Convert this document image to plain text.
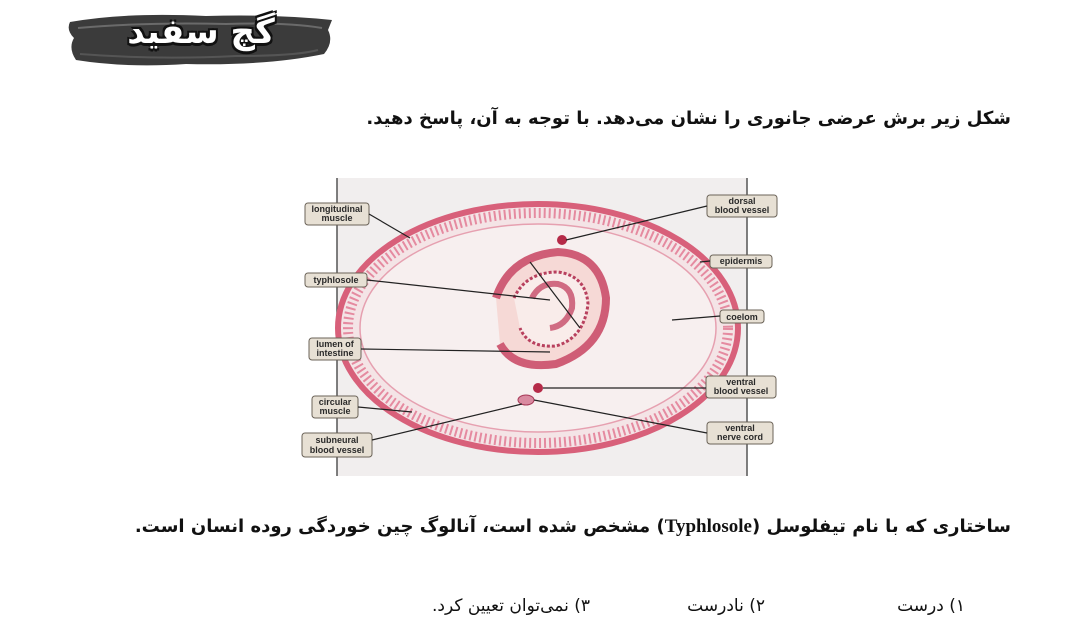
گچ سفید
شکل زیر برش عرضی جانوری را نشان می‌دهد. با توجه به آن، پاسخ دهید.
longitudinal
muscle
typhlosole
lumen of
intestine
circular
muscle
subneural
blood vessel
dorsal
blood vessel
epidermis
coelom
ventral
blood vessel
ventral
nerve cord
ساختاری که با نام تیفلوسل (Typhlosole) مشخص شده است، آنالوگ چین خوردگی روده انسان است.
۱) درست
۲) نادرست
۳) نمی‌توان تعیین کرد.
